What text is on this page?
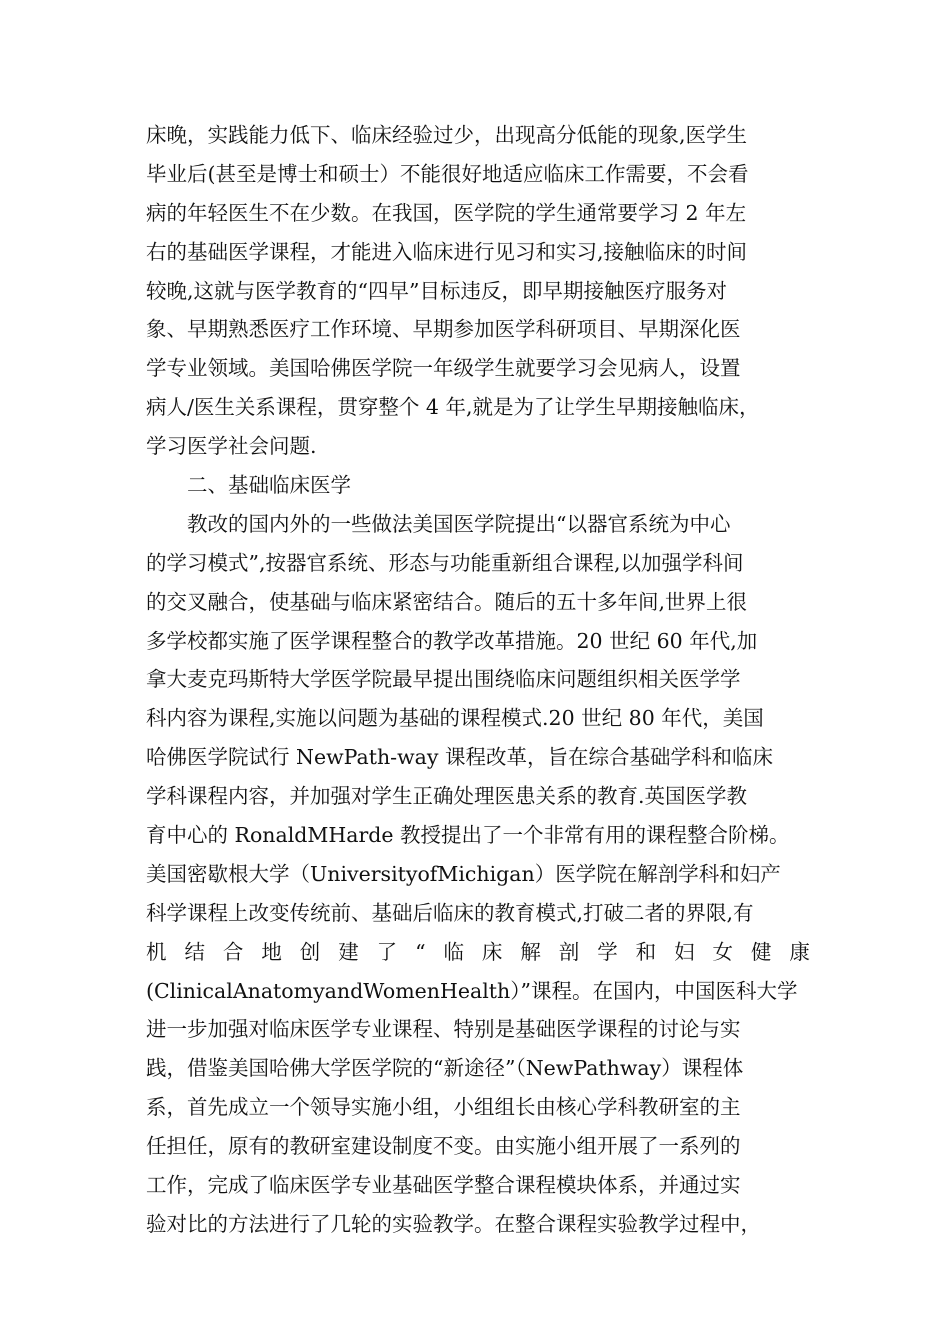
床晚，实践能力低下、临床经验过少，出现高分低能的现象,医学生
毕业后(甚至是博士和硕士）不能很好地适应临床工作需要，不会看
病的年轻医生不在少数。在我国，医学院的学生通常要学习 2 年左
右的基础医学课程，才能进入临床进行见习和实习,接触临床的时间
较晚,这就与医学教育的“四早”目标违反，即早期接触医疗服务对
象、早期熟悉医疗工作环境、早期参加医学科研项目、早期深化医
学专业领域。美国哈佛医学院一年级学生就要学习会见病人，设置
病人/医生关系课程，贯穿整个 4 年,就是为了让学生早期接触临床，
学习医学社会问题.
二、基础临床医学
教改的国内外的一些做法美国医学院提出“以器官系统为中心
的学习模式”,按器官系统、形态与功能重新组合课程,以加强学科间
的交叉融合，使基础与临床紧密结合。随后的五十多年间,世界上很
多学校都实施了医学课程整合的教学改革措施。20 世纪 60 年代,加
拿大麦克玛斯特大学医学院最早提出围绕临床问题组织相关医学学
科内容为课程,实施以问题为基础的课程模式.20 世纪 80 年代，美国
哈佛医学院试行 NewPath-way 课程改革，旨在综合基础学科和临床
学科课程内容，并加强对学生正确处理医患关系的教育.英国医学教
育中心的 RonaldMHarde 教授提出了一个非常有用的课程整合阶梯。
美国密歇根大学（UniversityofMichigan）医学院在解剖学科和妇产
科学课程上改变传统前、基础后临床的教育模式,打破二者的界限,有
机 结 合 地 创 建 了 “ 临 床 解 剖 学 和 妇 女 健 康
(ClinicalAnatomyandWomenHealth）”课程。在国内，中国医科大学
进一步加强对临床医学专业课程、特别是基础医学课程的讨论与实
践，借鉴美国哈佛大学医学院的“新途径”（NewPathway）课程体
系，首先成立一个领导实施小组，小组组长由核心学科教研室的主
任担任，原有的教研室建设制度不变。由实施小组开展了一系列的
工作，完成了临床医学专业基础医学整合课程模块体系，并通过实
验对比的方法进行了几轮的实验教学。在整合课程实验教学过程中，
